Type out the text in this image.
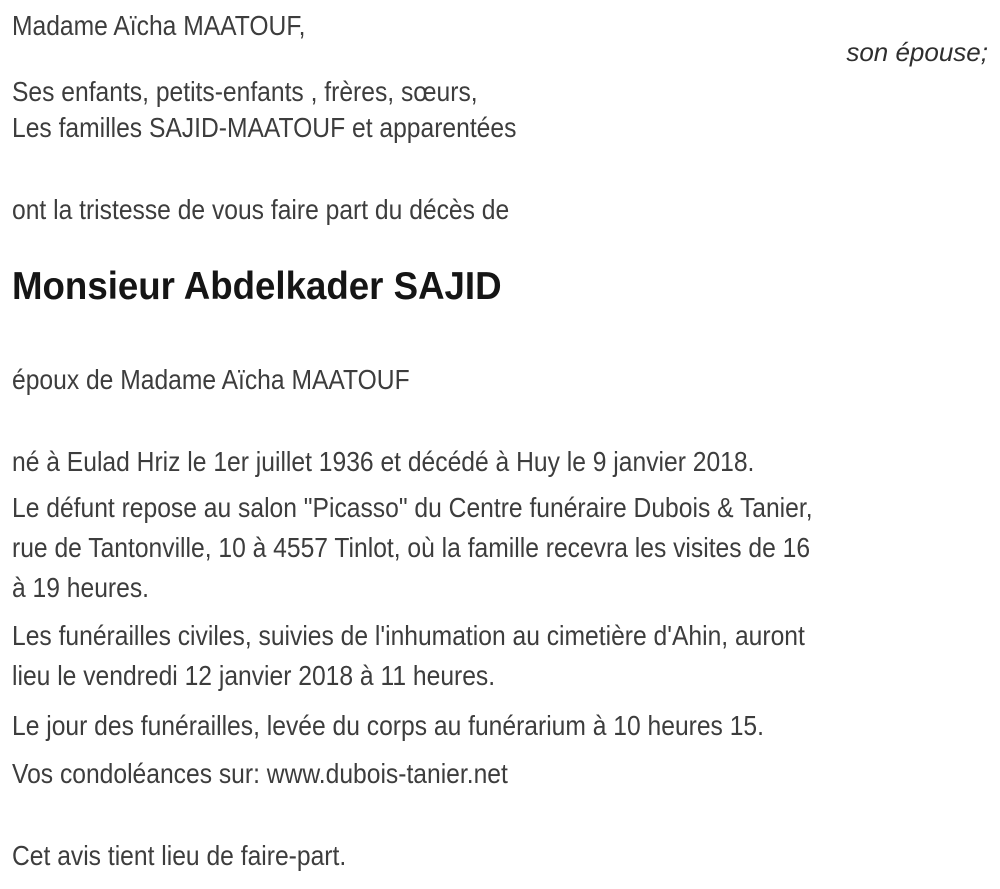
Madame Aïcha MAATOUF,
son épouse;
Ses enfants, petits-enfants , frères, sœurs,
Les familles SAJID-MAATOUF et apparentées
ont la tristesse de vous faire part du décès de
Monsieur Abdelkader SAJID
époux de Madame Aïcha MAATOUF
né à Eulad Hriz le 1er juillet 1936 et décédé à Huy le 9 janvier 2018.
Le défunt repose au salon "Picasso" du Centre funéraire Dubois & Tanier,
rue de Tantonville, 10 à 4557 Tinlot, où la famille recevra les visites de 16
à 19 heures.
Les funérailles civiles, suivies de l'inhumation au cimetière d'Ahin, auront
lieu le vendredi 12 janvier 2018 à 11 heures.
Le jour des funérailles, levée du corps au funérarium à 10 heures 15.
Vos condoléances sur: www.dubois-tanier.net
Cet avis tient lieu de faire-part.
